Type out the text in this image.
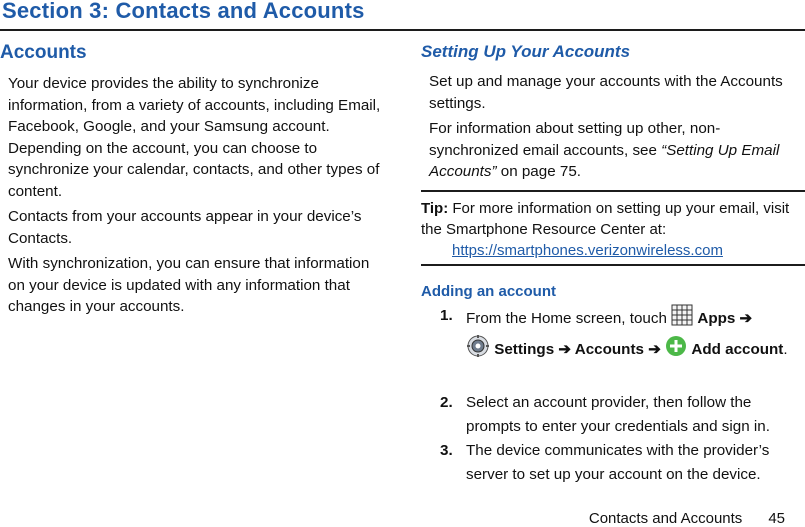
Section 3: Contacts and Accounts
Accounts

Your device provides the ability to synchronize information, from a variety of accounts, including Email, Facebook, Google, and your Samsung account. Depending on the account, you can choose to synchronize your calendar, contacts, and other types of content.

Contacts from your accounts appear in your device’s Contacts.

With synchronization, you can ensure that information on your device is updated with any information that changes in your accounts.

Setting Up Your Accounts

Set up and manage your accounts with the Accounts settings.

For information about setting up other, non-synchronized email accounts, see “Setting Up Email Accounts” on page 75.

Tip: For more information on setting up your email, visit the Smartphone Resource Center at:
https://smartphones.verizonwireless.com
Adding an account
1. From the Home screen, touch  Apps ➔
Settings ➔ Accounts ➔  Add account.
2. Select an account provider, then follow the prompts to enter your credentials and sign in.
3. The device communicates with the provider’s server to set up your account on the device.
Contacts and Accounts 45
